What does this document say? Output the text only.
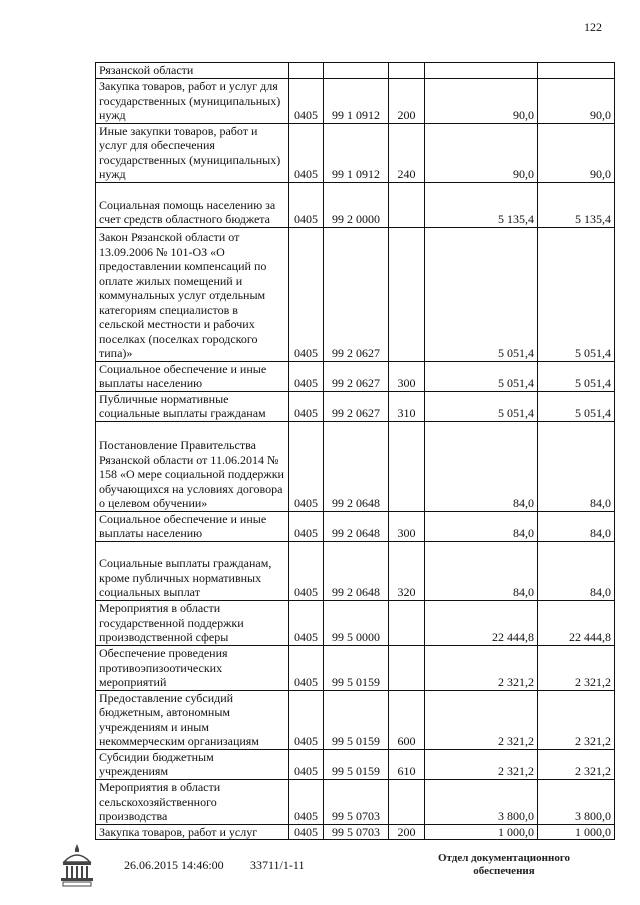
122
Рязанской области					
Закупка товаров, работ и услуг для государственных (муниципальных) нужд	0405	99 1 0912	200	90,0	90,0
Иные закупки товаров, работ и услуг для обеспечения государственных (муниципальных) нужд	0405	99 1 0912	240	90,0	90,0
Социальная помощь населению за счет средств областного бюджета	0405	99 2 0000		5 135,4	5 135,4
Закон Рязанской области от 13.09.2006 № 101-ОЗ «О предоставлении компенсаций по оплате жилых помещений и коммунальных услуг отдельным категориям специалистов в сельской местности и рабочих поселках (поселках городского типа)»	0405	99 2 0627		5 051,4	5 051,4
Социальное обеспечение и иные выплаты населению	0405	99 2 0627	300	5 051,4	5 051,4
Публичные нормативные социальные выплаты гражданам	0405	99 2 0627	310	5 051,4	5 051,4
Постановление Правительства Рязанской области от 11.06.2014 № 158 «О мере социальной поддержки обучающихся на условиях договора о целевом обучении»	0405	99 2 0648		84,0	84,0
Социальное обеспечение и иные выплаты населению	0405	99 2 0648	300	84,0	84,0
Социальные выплаты гражданам, кроме публичных нормативных социальных выплат	0405	99 2 0648	320	84,0	84,0
Мероприятия в области государственной поддержки производственной сферы	0405	99 5 0000		22 444,8	22 444,8
Обеспечение проведения противоэпизоотических мероприятий	0405	99 5 0159		2 321,2	2 321,2
Предоставление субсидий бюджетным, автономным учреждениям и иным некоммерческим организациям	0405	99 5 0159	600	2 321,2	2 321,2
Субсидии бюджетным учреждениям	0405	99 5 0159	610	2 321,2	2 321,2
Мероприятия в области сельскохозяйственного производства	0405	99 5 0703		3 800,0	3 800,0
Закупка товаров, работ и услуг	0405	99 5 0703	200	1 000,0	1 000,0
26.06.2015 14:46:00 33711/1-11	Отдел документационного обеспечения
